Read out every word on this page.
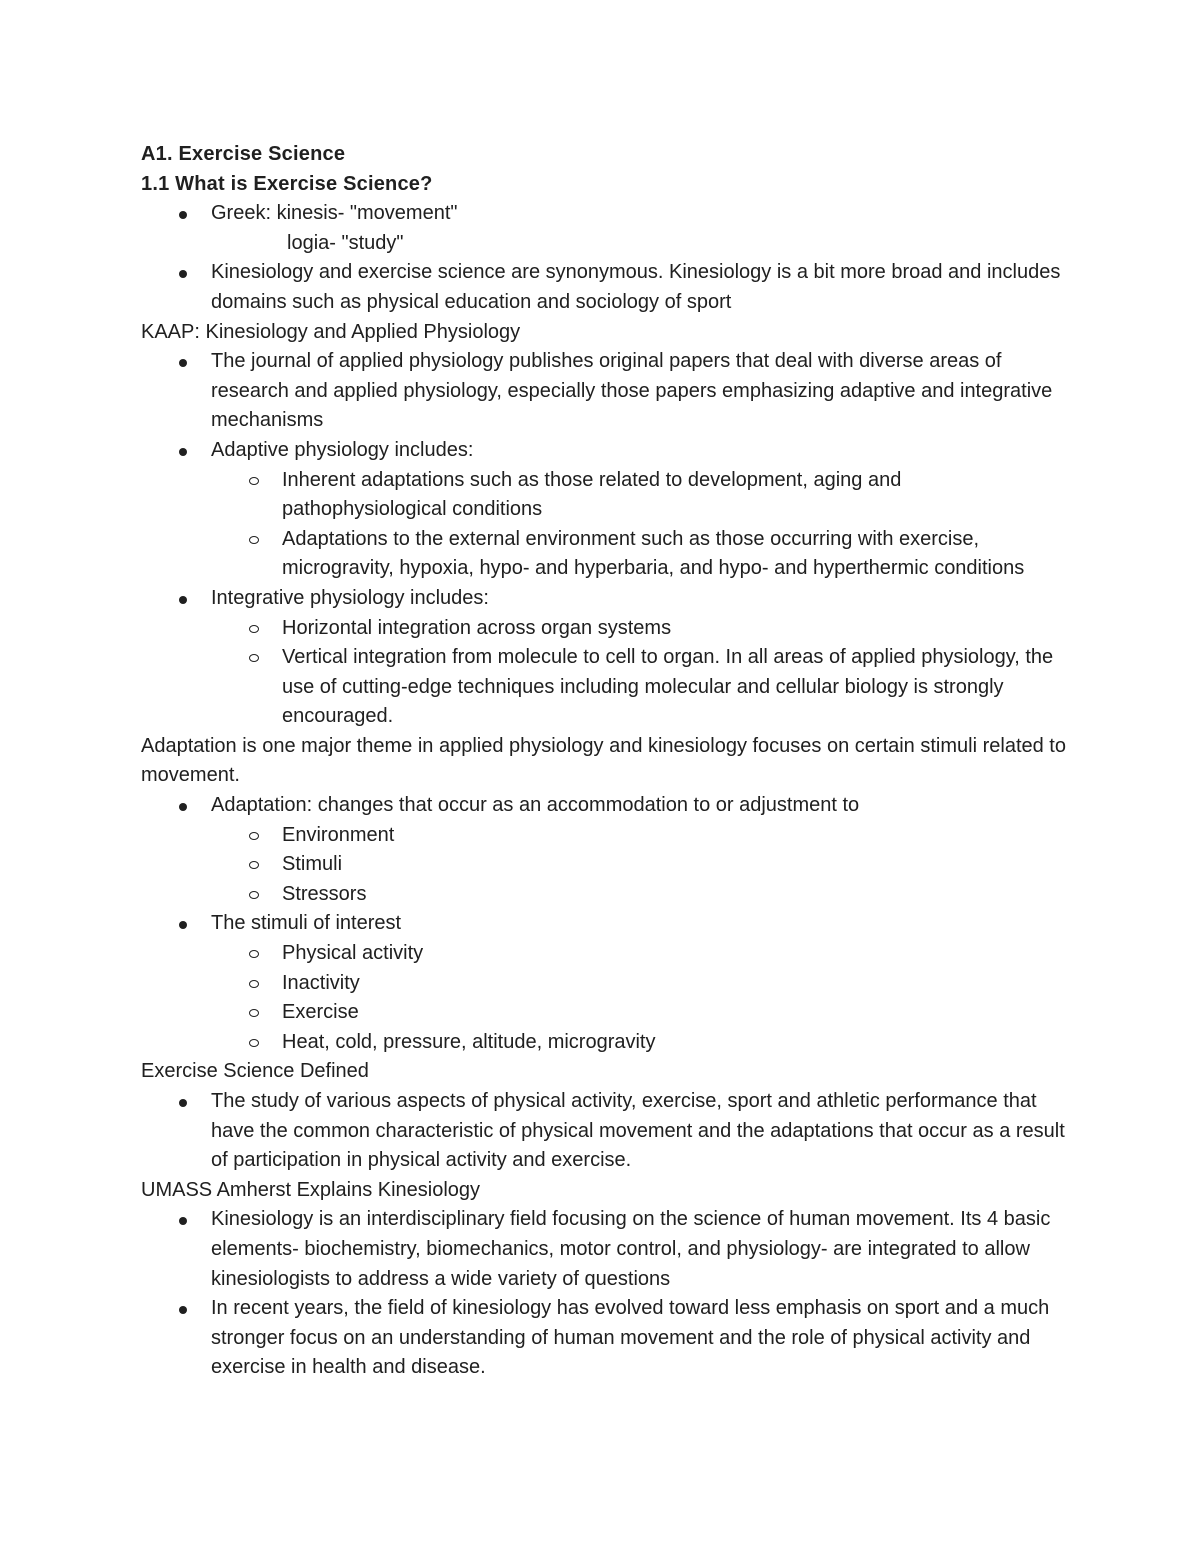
A1. Exercise Science
1.1 What is Exercise Science?
Greek: kinesis- "movement"
logia- "study"
Kinesiology and exercise science are synonymous. Kinesiology is a bit more broad and includes domains such as physical education and sociology of sport
KAAP: Kinesiology and Applied Physiology
The journal of applied physiology publishes original papers that deal with diverse areas of research and applied physiology, especially those papers emphasizing adaptive and integrative mechanisms
Adaptive physiology includes:
Inherent adaptations such as those related to development, aging and pathophysiological conditions
Adaptations to the external environment such as those occurring with exercise, microgravity, hypoxia, hypo- and hyperbaria, and hypo- and hyperthermic conditions
Integrative physiology includes:
Horizontal integration across organ systems
Vertical integration from molecule to cell to organ. In all areas of applied physiology, the use of cutting-edge techniques including molecular and cellular biology is strongly encouraged.
Adaptation is one major theme in applied physiology and kinesiology focuses on certain stimuli related to movement.
Adaptation: changes that occur as an accommodation to or adjustment to
Environment
Stimuli
Stressors
The stimuli of interest
Physical activity
Inactivity
Exercise
Heat, cold, pressure, altitude, microgravity
Exercise Science Defined
The study of various aspects of physical activity, exercise, sport and athletic performance that have the common characteristic of physical movement and the adaptations that occur as a result of participation in physical activity and exercise.
UMASS Amherst Explains Kinesiology
Kinesiology is an interdisciplinary field focusing on the science of human movement. Its 4 basic elements- biochemistry, biomechanics, motor control, and physiology- are integrated to allow kinesiologists to address a wide variety of questions
In recent years, the field of kinesiology has evolved toward less emphasis on sport and a much stronger focus on an understanding of human movement and the role of physical activity and exercise in health and disease.
